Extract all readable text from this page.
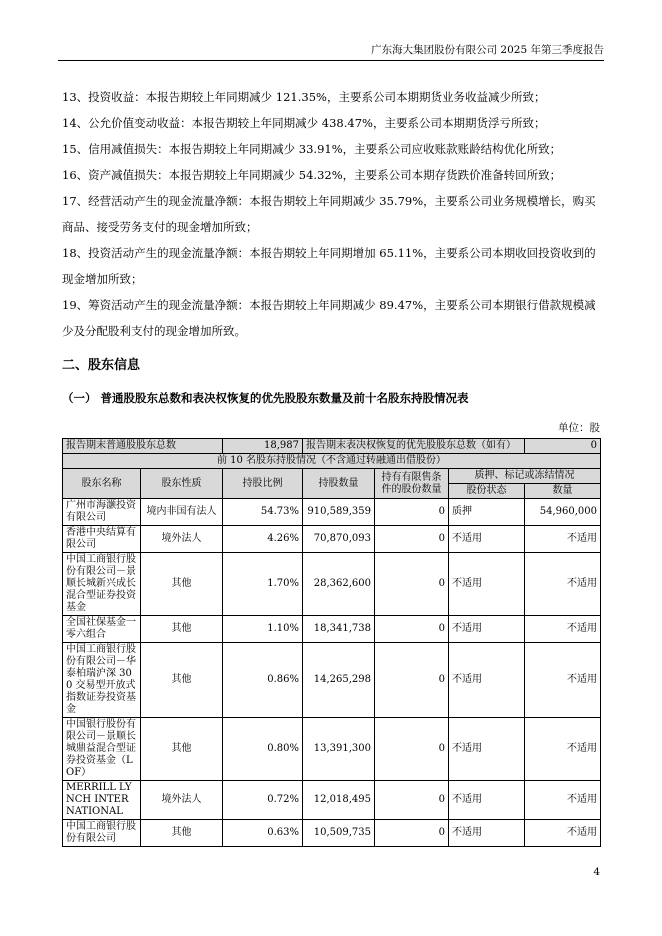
广东海大集团股份有限公司 2025 年第三季度报告

13、投资收益：本报告期较上年同期减少 121.35%，主要系公司本期期货业务收益减少所致；

14、公允价值变动收益：本报告期较上年同期减少 438.47%，主要系公司本期期货浮亏所致；

15、信用减值损失：本报告期较上年同期减少 33.91%，主要系公司应收账款账龄结构优化所致；

16、资产减值损失：本报告期较上年同期减少 54.32%，主要系公司本期存货跌价准备转回所致；

17、经营活动产生的现金流量净额：本报告期较上年同期减少 35.79%，主要系公司业务规模增长，购买商品、接受劳务支付的现金增加所致；

18、投资活动产生的现金流量净额：本报告期较上年同期增加 65.11%，主要系公司本期收回投资收到的现金增加所致；

19、筹资活动产生的现金流量净额：本报告期较上年同期减少 89.47%，主要系公司本期银行借款规模减少及分配股利支付的现金增加所致。

二、股东信息
（一） 普通股股东总数和表决权恢复的优先股股东数量及前十名股东持股情况表
单位：股
报告期末普通股股东总数		18,987	报告期末表决权恢复的优先股股东总数（如有）			0
前 10 名股东持股情况（不含通过转融通出借股份）						
股东名称	股东性质	持股比例	持股数量	持有有限售条件的股份数量	质押、标记或冻结情况	
					股份状态	数量
广州市海灏投资有限公司	境内非国有法人	54.73%	910,589,359	0	质押	54,960,000
香港中央结算有限公司	境外法人	4.26%	70,870,093	0	不适用	不适用
中国工商银行股份有限公司－景顺长城新兴成长混合型证券投资基金	其他	1.70%	28,362,600	0	不适用	不适用
全国社保基金一零六组合	其他	1.10%	18,341,738	0	不适用	不适用
中国工商银行股份有限公司－华泰柏瑞沪深 300 交易型开放式指数证券投资基金	其他	0.86%	14,265,298	0	不适用	不适用
中国银行股份有限公司－景顺长城鼎益混合型证券投资基金（LOF）	其他	0.80%	13,391,300	0	不适用	不适用
MERRILL LYNCH INTERNATIONAL	境外法人	0.72%	12,018,495	0	不适用	不适用
中国工商银行股份有限公司	其他	0.63%	10,509,735	0	不适用	不适用
4
